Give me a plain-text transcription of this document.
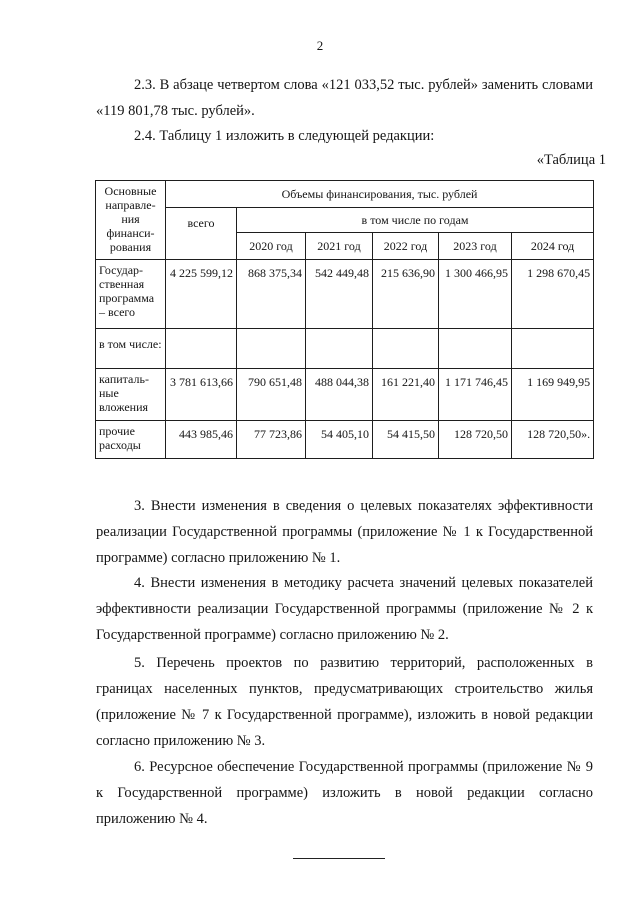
2

2.3. В абзаце четвертом слова «121 033,52 тыс. рублей» заменить словами «119 801,78 тыс. рублей».

2.4. Таблицу 1 изложить в следующей редакции:

«Таблица 1

Основные направле-ния финанси-рования	Объемы финансирования, тыс. рублей					
	всего	в том числе по годам				
		2020 год	2021 год	2022 год	2023 год	2024 год
Государ-ственная программа – всего	4 225 599,12	868 375,34	542 449,48	215 636,90	1 300 466,95	1 298 670,45
в том числе:						
капиталь-ные вложения	3 781 613,66	790 651,48	488 044,38	161 221,40	1 171 746,45	1 169 949,95
прочие расходы	443 985,46	77 723,86	54 405,10	54 415,50	128 720,50	128 720,50».

3. Внести изменения в сведения о целевых показателях эффективности реализации Государственной программы (приложение № 1 к Государственной программе) согласно приложению № 1.

4. Внести изменения в методику расчета значений целевых показателей эффективности реализации Государственной программы (приложение № 2 к Государственной программе) согласно приложению № 2.

5. Перечень проектов по развитию территорий, расположенных в границах населенных пунктов, предусматривающих строительство жилья (приложение № 7 к Государственной программе), изложить в новой редакции согласно приложению № 3.

6. Ресурсное обеспечение Государственной программы (приложение № 9 к Государственной программе) изложить в новой редакции согласно приложению № 4.
